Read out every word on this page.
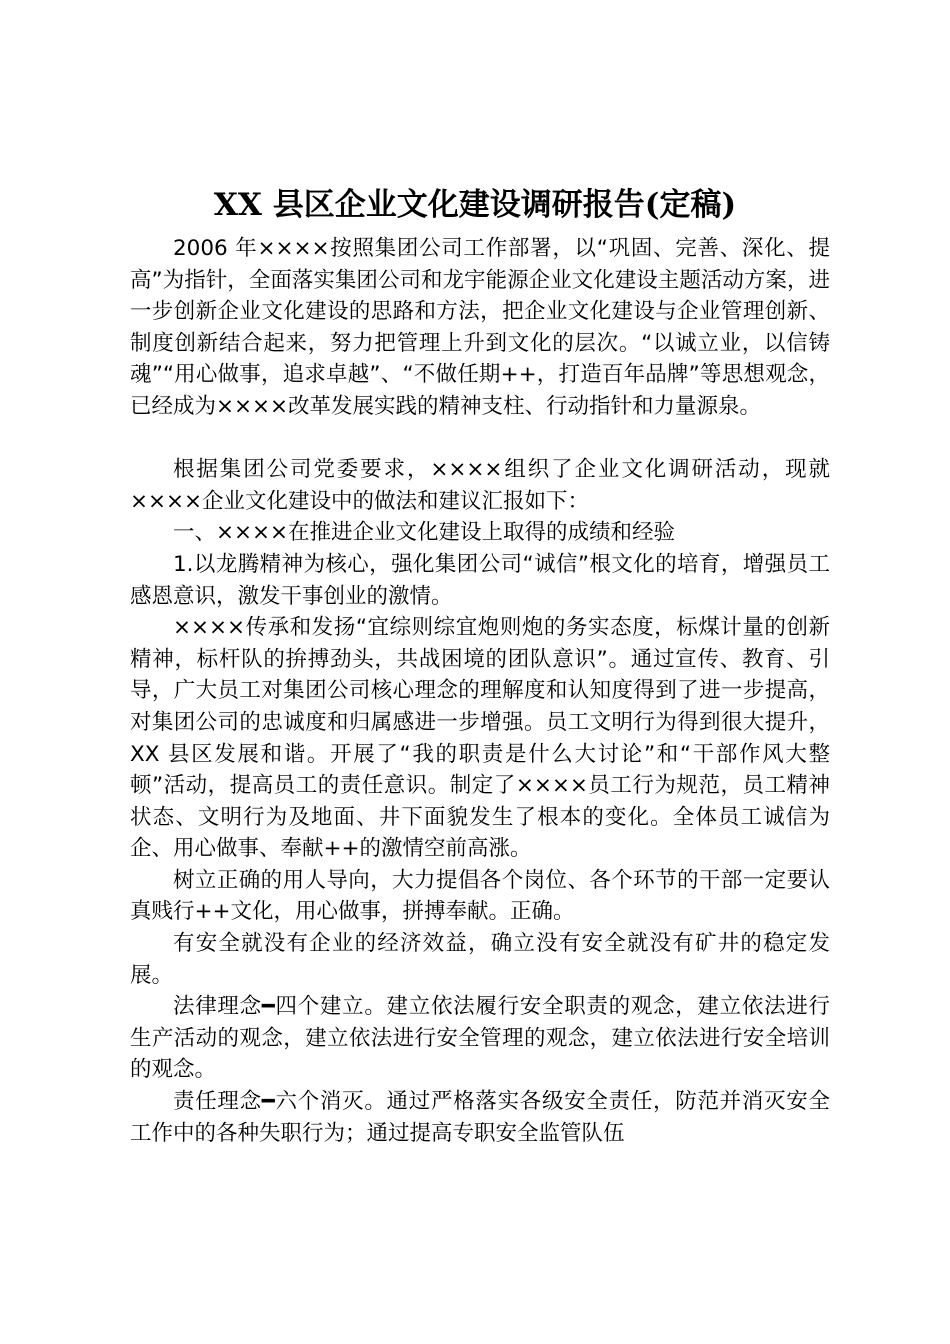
XX 县区企业文化建设调研报告(定稿)

2006 年××××按照集团公司工作部署，以“巩固、完善、深化、提高”为指针，全面落实集团公司和龙宇能源企业文化建设主题活动方案，进一步创新企业文化建设的思路和方法，把企业文化建设与企业管理创新、制度创新结合起来，努力把管理上升到文化的层次。“以诚立业，以信铸魂”“用心做事，追求卓越”、“不做任期++，打造百年品牌”等思想观念，已经成为××××改革发展实践的精神支柱、行动指针和力量源泉。

根据集团公司党委要求，××××组织了企业文化调研活动，现就××××企业文化建设中的做法和建议汇报如下：

一、××××在推进企业文化建设上取得的成绩和经验

1.以龙腾精神为核心，强化集团公司“诚信”根文化的培育，增强员工感恩意识，激发干事创业的激情。

××××传承和发扬“宜综则综宜炮则炮的务实态度，标煤计量的创新精神，标杆队的拚搏劲头，共战困境的团队意识”。通过宣传、教育、引导，广大员工对集团公司核心理念的理解度和认知度得到了进一步提高，对集团公司的忠诚度和归属感进一步增强。员工文明行为得到很大提升，XX 县区发展和谐。开展了“我的职责是什么大讨论”和“干部作风大整顿”活动，提高员工的责任意识。制定了××××员工行为规范，员工精神状态、文明行为及地面、井下面貌发生了根本的变化。全体员工诚信为企、用心做事、奉献++的激情空前高涨。

树立正确的用人导向，大力提倡各个岗位、各个环节的干部一定要认真贱行++文化，用心做事，拼搏奉献。正确。

有安全就没有企业的经济效益，确立没有安全就没有矿井的稳定发展。

法律理念━四个建立。建立依法履行安全职责的观念，建立依法进行生产活动的观念，建立依法进行安全管理的观念，建立依法进行安全培训的观念。

责任理念━六个消灭。通过严格落实各级安全责任，防范并消灭安全工作中的各种失职行为；通过提高专职安全监管队伍
